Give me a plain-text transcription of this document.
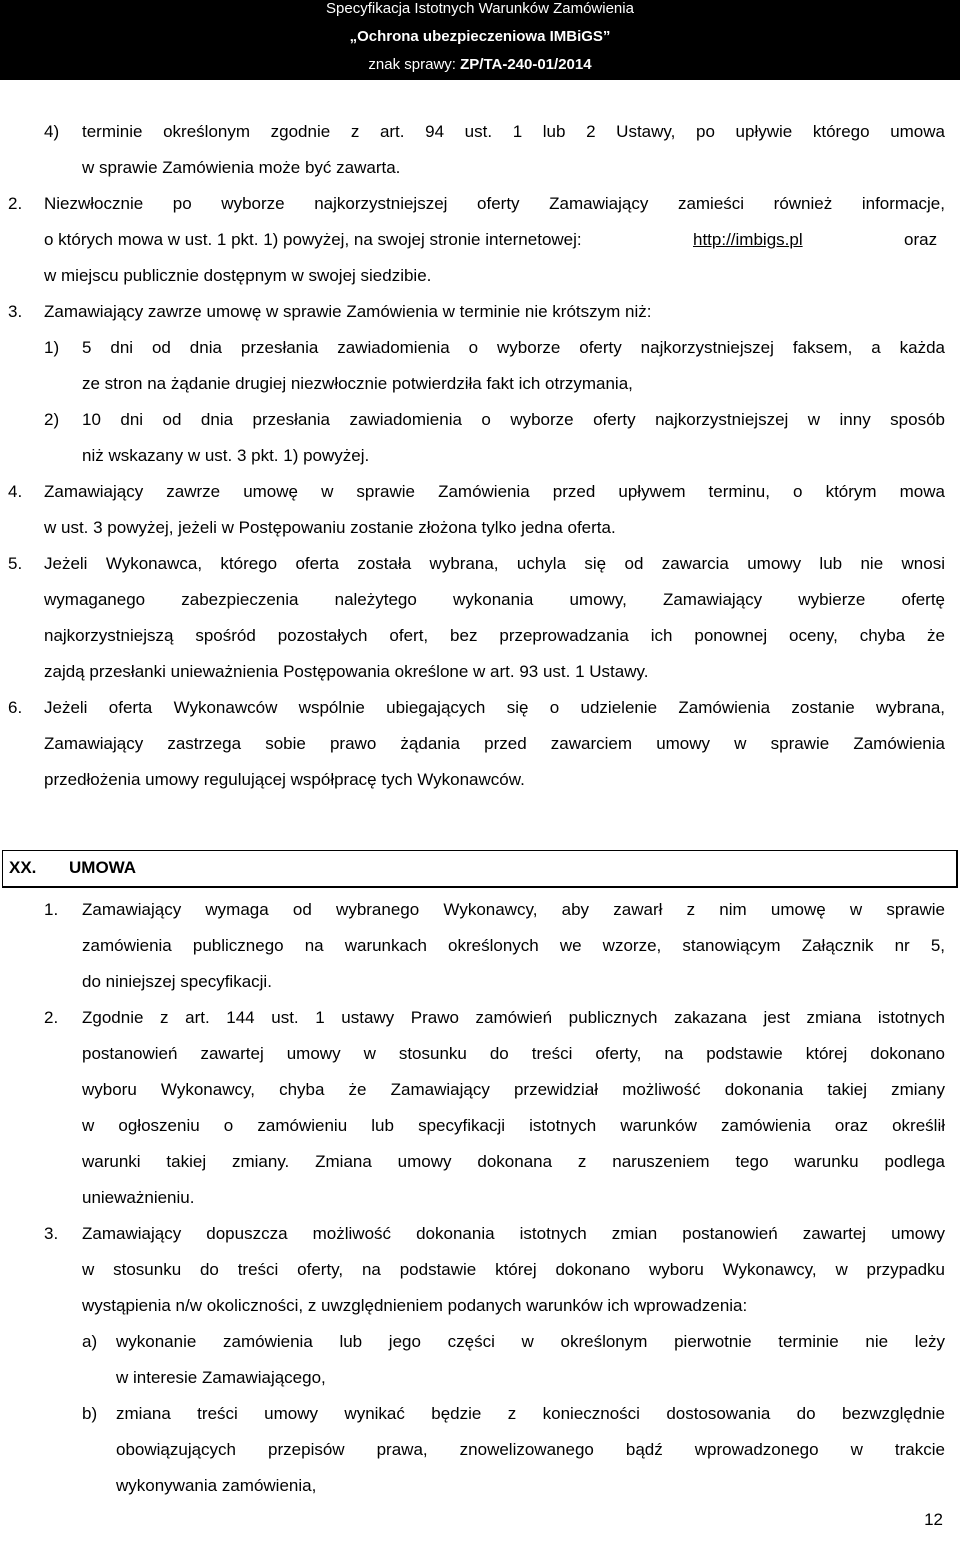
Specyfikacja Istotnych Warunków Zamówienia
„Ochrona ubezpieczeniowa IMBiGS”
znak sprawy: ZP/TA-240-01/2014
4) terminie określonym zgodnie z art. 94 ust. 1 lub 2 Ustawy, po upływie którego umowa
w sprawie Zamówienia może być zawarta.
2. Niezwłocznie po wyborze najkorzystniejszej oferty Zamawiający zamieści również informacje,
o których mowa w ust. 1 pkt. 1) powyżej, na swojej stronie internetowej:	http://imbigs.pl	oraz
w miejscu publicznie dostępnym w swojej siedzibie.
3. Zamawiający zawrze umowę w sprawie Zamówienia w terminie nie krótszym niż:
1) 5 dni od dnia przesłania zawiadomienia o wyborze oferty najkorzystniejszej faksem, a każda
ze stron na żądanie drugiej niezwłocznie potwierdziła fakt ich otrzymania,
2) 10 dni od dnia przesłania zawiadomienia o wyborze oferty najkorzystniejszej w inny sposób
niż wskazany w ust. 3 pkt. 1) powyżej.
4. Zamawiający zawrze umowę w sprawie Zamówienia przed upływem terminu, o którym mowa
w ust. 3 powyżej, jeżeli w Postępowaniu zostanie złożona tylko jedna oferta.
5. Jeżeli Wykonawca, którego oferta została wybrana, uchyla się od zawarcia umowy lub nie wnosi
wymaganego zabezpieczenia należytego wykonania umowy, Zamawiający wybierze ofertę
najkorzystniejszą spośród pozostałych ofert, bez przeprowadzania ich ponownej oceny, chyba że
zajdą przesłanki unieważnienia Postępowania określone w art. 93 ust. 1 Ustawy.
6. Jeżeli oferta Wykonawców wspólnie ubiegających się o udzielenie Zamówienia zostanie wybrana,
Zamawiający zastrzega sobie prawo żądania przed zawarciem umowy w sprawie Zamówienia
przedłożenia umowy regulującej współpracę tych Wykonawców.
XX. UMOWA
1. Zamawiający wymaga od wybranego Wykonawcy, aby zawarł z nim umowę w sprawie
zamówienia publicznego na warunkach określonych we wzorze, stanowiącym Załącznik nr 5,
do niniejszej specyfikacji.
2. Zgodnie z art. 144 ust. 1 ustawy Prawo zamówień publicznych zakazana jest zmiana istotnych
postanowień zawartej umowy w stosunku do treści oferty, na podstawie której dokonano
wyboru Wykonawcy, chyba że Zamawiający przewidział możliwość dokonania takiej zmiany
w ogłoszeniu o zamówieniu lub specyfikacji istotnych warunków zamówienia oraz określił
warunki takiej zmiany. Zmiana umowy dokonana z naruszeniem tego warunku podlega
unieważnieniu.
3. Zamawiający dopuszcza możliwość dokonania istotnych zmian postanowień zawartej umowy
w stosunku do treści oferty, na podstawie której dokonano wyboru Wykonawcy, w przypadku
wystąpienia n/w okoliczności, z uwzględnieniem podanych warunków ich wprowadzenia:
a) wykonanie zamówienia lub jego części w określonym pierwotnie terminie nie leży
w interesie Zamawiającego,
b) zmiana treści umowy wynikać będzie z konieczności dostosowania do bezwzględnie
obowiązujących przepisów prawa, znowelizowanego bądź wprowadzonego w trakcie
wykonywania zamówienia,
12
